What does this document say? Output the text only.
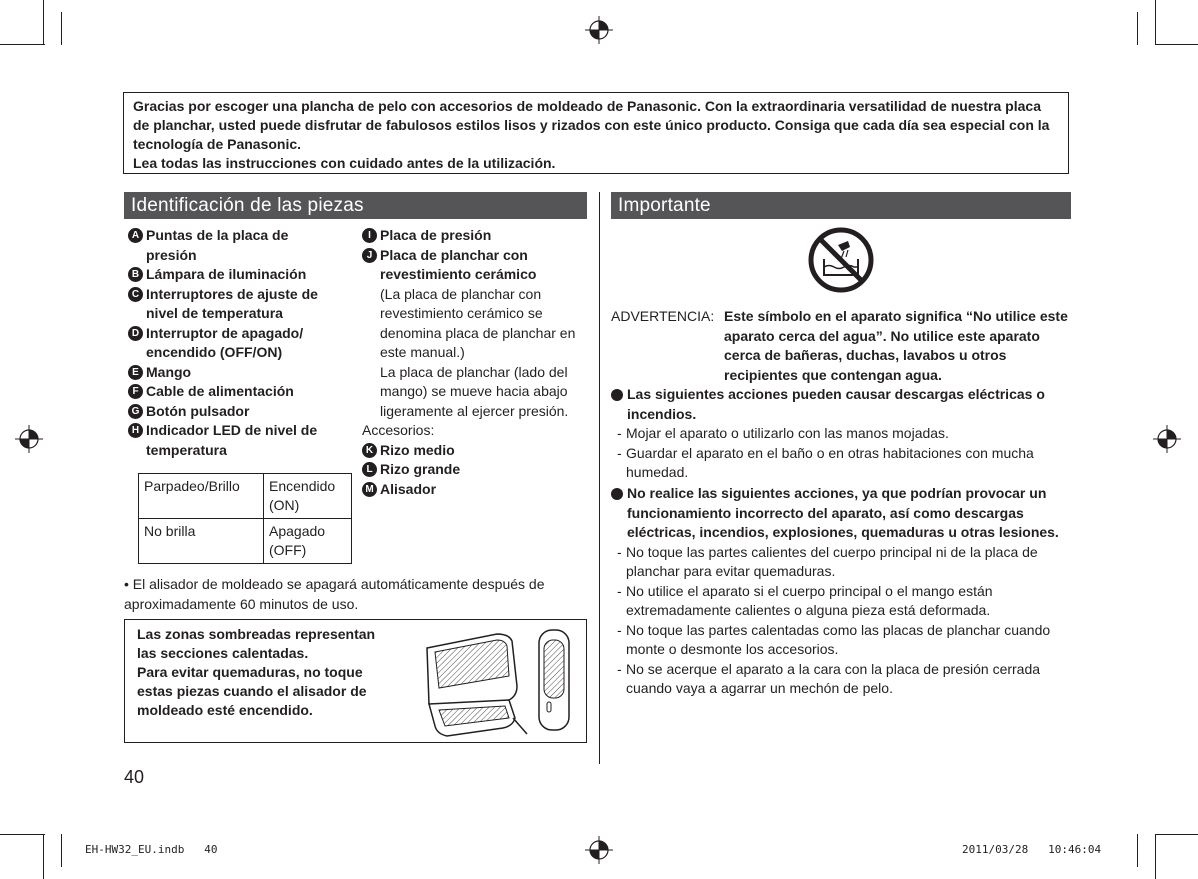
Gracias por escoger una plancha de pelo con accesorios de moldeado de Panasonic. Con la extraordinaria versatilidad de nuestra placa de planchar, usted puede disfrutar de fabulosos estilos lisos y rizados con este único producto. Consiga que cada día sea especial con la tecnología de Panasonic.

Lea todas las instrucciones con cuidado antes de la utilización.

Identificación de las piezas	Importante
A Puntas de la placa de presión
B Lámpara de iluminación
C Interruptores de ajuste de nivel de temperatura
D Interruptor de apagado/ encendido (OFF/ON)
E Mango
F Cable de alimentación
G Botón pulsador
H Indicador LED de nivel de temperatura
Parpadeo/Brillo	Encendido (ON)
No brilla	Apagado (OFF)
I Placa de presión
J Placa de planchar con revestimiento cerámico
(La placa de planchar con revestimiento cerámico se denomina placa de planchar en este manual.)
La placa de planchar (lado del mango) se mueve hacia abajo ligeramente al ejercer presión.
Accesorios:
K Rizo medio
L Rizo grande
M Alisador
• El alisador de moldeado se apagará automáticamente después de aproximadamente 60 minutos de uso.

Las zonas sombreadas representan las secciones calentadas.

Para evitar quemaduras, no toque estas piezas cuando el alisador de moldeado esté encendido.

40
ADVERTENCIA: Este símbolo en el aparato significa “No utilice este aparato cerca del agua”. No utilice este aparato cerca de bañeras, duchas, lavabos u otros recipientes que contengan agua.
Las siguientes acciones pueden causar descargas eléctricas o incendios.
- Mojar el aparato o utilizarlo con las manos mojadas.
- Guardar el aparato en el baño o en otras habitaciones con mucha humedad.
No realice las siguientes acciones, ya que podrían provocar un funcionamiento incorrecto del aparato, así como descargas eléctricas, incendios, explosiones, quemaduras u otras lesiones.
- No toque las partes calientes del cuerpo principal ni de la placa de planchar para evitar quemaduras.
- No utilice el aparato si el cuerpo principal o el mango están extremadamente calientes o alguna pieza está deformada.
- No toque las partes calentadas como las placas de planchar cuando monte o desmonte los accesorios.
- No se acerque el aparato a la cara con la placa de presión cerrada cuando vaya a agarrar un mechón de pelo.
EH-HW32_EU.indb   40	2011/03/28   10:46:04
